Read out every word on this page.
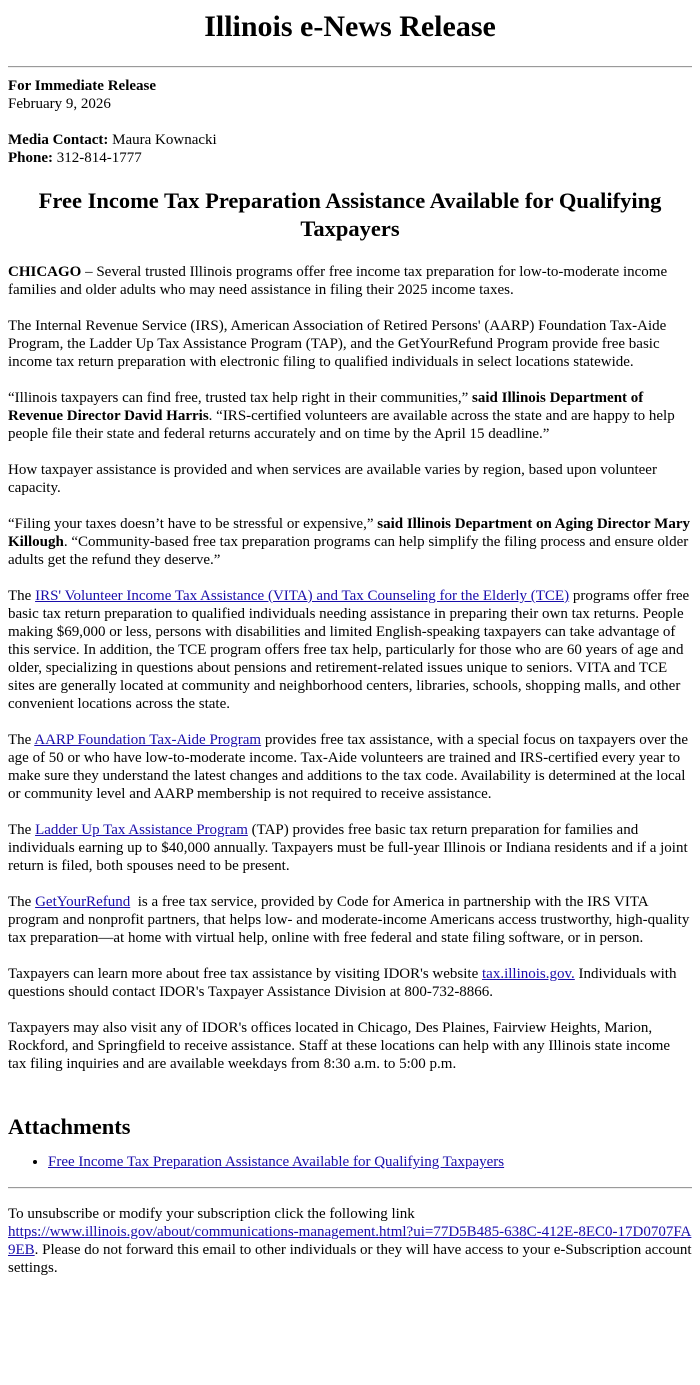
Illinois e-News Release

For Immediate Release

February 9, 2026

Media Contact: Maura Kownacki

Phone: 312-814-1777

Free Income Tax Preparation Assistance Available for Qualifying Taxpayers

CHICAGO – Several trusted Illinois programs offer free income tax preparation for low-to-moderate income families and older adults who may need assistance in filing their 2025 income taxes.

The Internal Revenue Service (IRS), American Association of Retired Persons' (AARP) Foundation Tax-Aide Program, the Ladder Up Tax Assistance Program (TAP), and the GetYourRefund Program provide free basic income tax return preparation with electronic filing to qualified individuals in select locations statewide.

“Illinois taxpayers can find free, trusted tax help right in their communities,” said Illinois Department of Revenue Director David Harris. “IRS-certified volunteers are available across the state and are happy to help people file their state and federal returns accurately and on time by the April 15 deadline.”

How taxpayer assistance is provided and when services are available varies by region, based upon volunteer capacity.

“Filing your taxes doesn’t have to be stressful or expensive,” said Illinois Department on Aging Director Mary Killough. “Community-based free tax preparation programs can help simplify the filing process and ensure older adults get the refund they deserve.”

The IRS' Volunteer Income Tax Assistance (VITA) and Tax Counseling for the Elderly (TCE) programs offer free basic tax return preparation to qualified individuals needing assistance in preparing their own tax returns. People making $69,000 or less, persons with disabilities and limited English-speaking taxpayers can take advantage of this service. In addition, the TCE program offers free tax help, particularly for those who are 60 years of age and older, specializing in questions about pensions and retirement-related issues unique to seniors. VITA and TCE sites are generally located at community and neighborhood centers, libraries, schools, shopping malls, and other convenient locations across the state.

The AARP Foundation Tax-Aide Program provides free tax assistance, with a special focus on taxpayers over the age of 50 or who have low-to-moderate income. Tax-Aide volunteers are trained and IRS-certified every year to make sure they understand the latest changes and additions to the tax code. Availability is determined at the local or community level and AARP membership is not required to receive assistance.

The Ladder Up Tax Assistance Program (TAP) provides free basic tax return preparation for families and individuals earning up to $40,000 annually. Taxpayers must be full-year Illinois or Indiana residents and if a joint return is filed, both spouses need to be present.

The GetYourRefund  is a free tax service, provided by Code for America in partnership with the IRS VITA program and nonprofit partners, that helps low- and moderate-income Americans access trustworthy, high-quality tax preparation—at home with virtual help, online with free federal and state filing software, or in person.

Taxpayers can learn more about free tax assistance by visiting IDOR's website tax.illinois.gov. Individuals with questions should contact IDOR's Taxpayer Assistance Division at 800-732-8866.

Taxpayers may also visit any of IDOR's offices located in Chicago, Des Plaines, Fairview Heights, Marion, Rockford, and Springfield to receive assistance. Staff at these locations can help with any Illinois state income tax filing inquiries and are available weekdays from 8:30 a.m. to 5:00 p.m.

Attachments
• Free Income Tax Preparation Assistance Available for Qualifying Taxpayers

To unsubscribe or modify your subscription click the following link

https://www.illinois.gov/about/communications-management.html?ui=77D5B485-638C-412E-8EC0-17D0707FA9EB. Please do not forward this email to other individuals or they will have access to your e-Subscription account settings.
